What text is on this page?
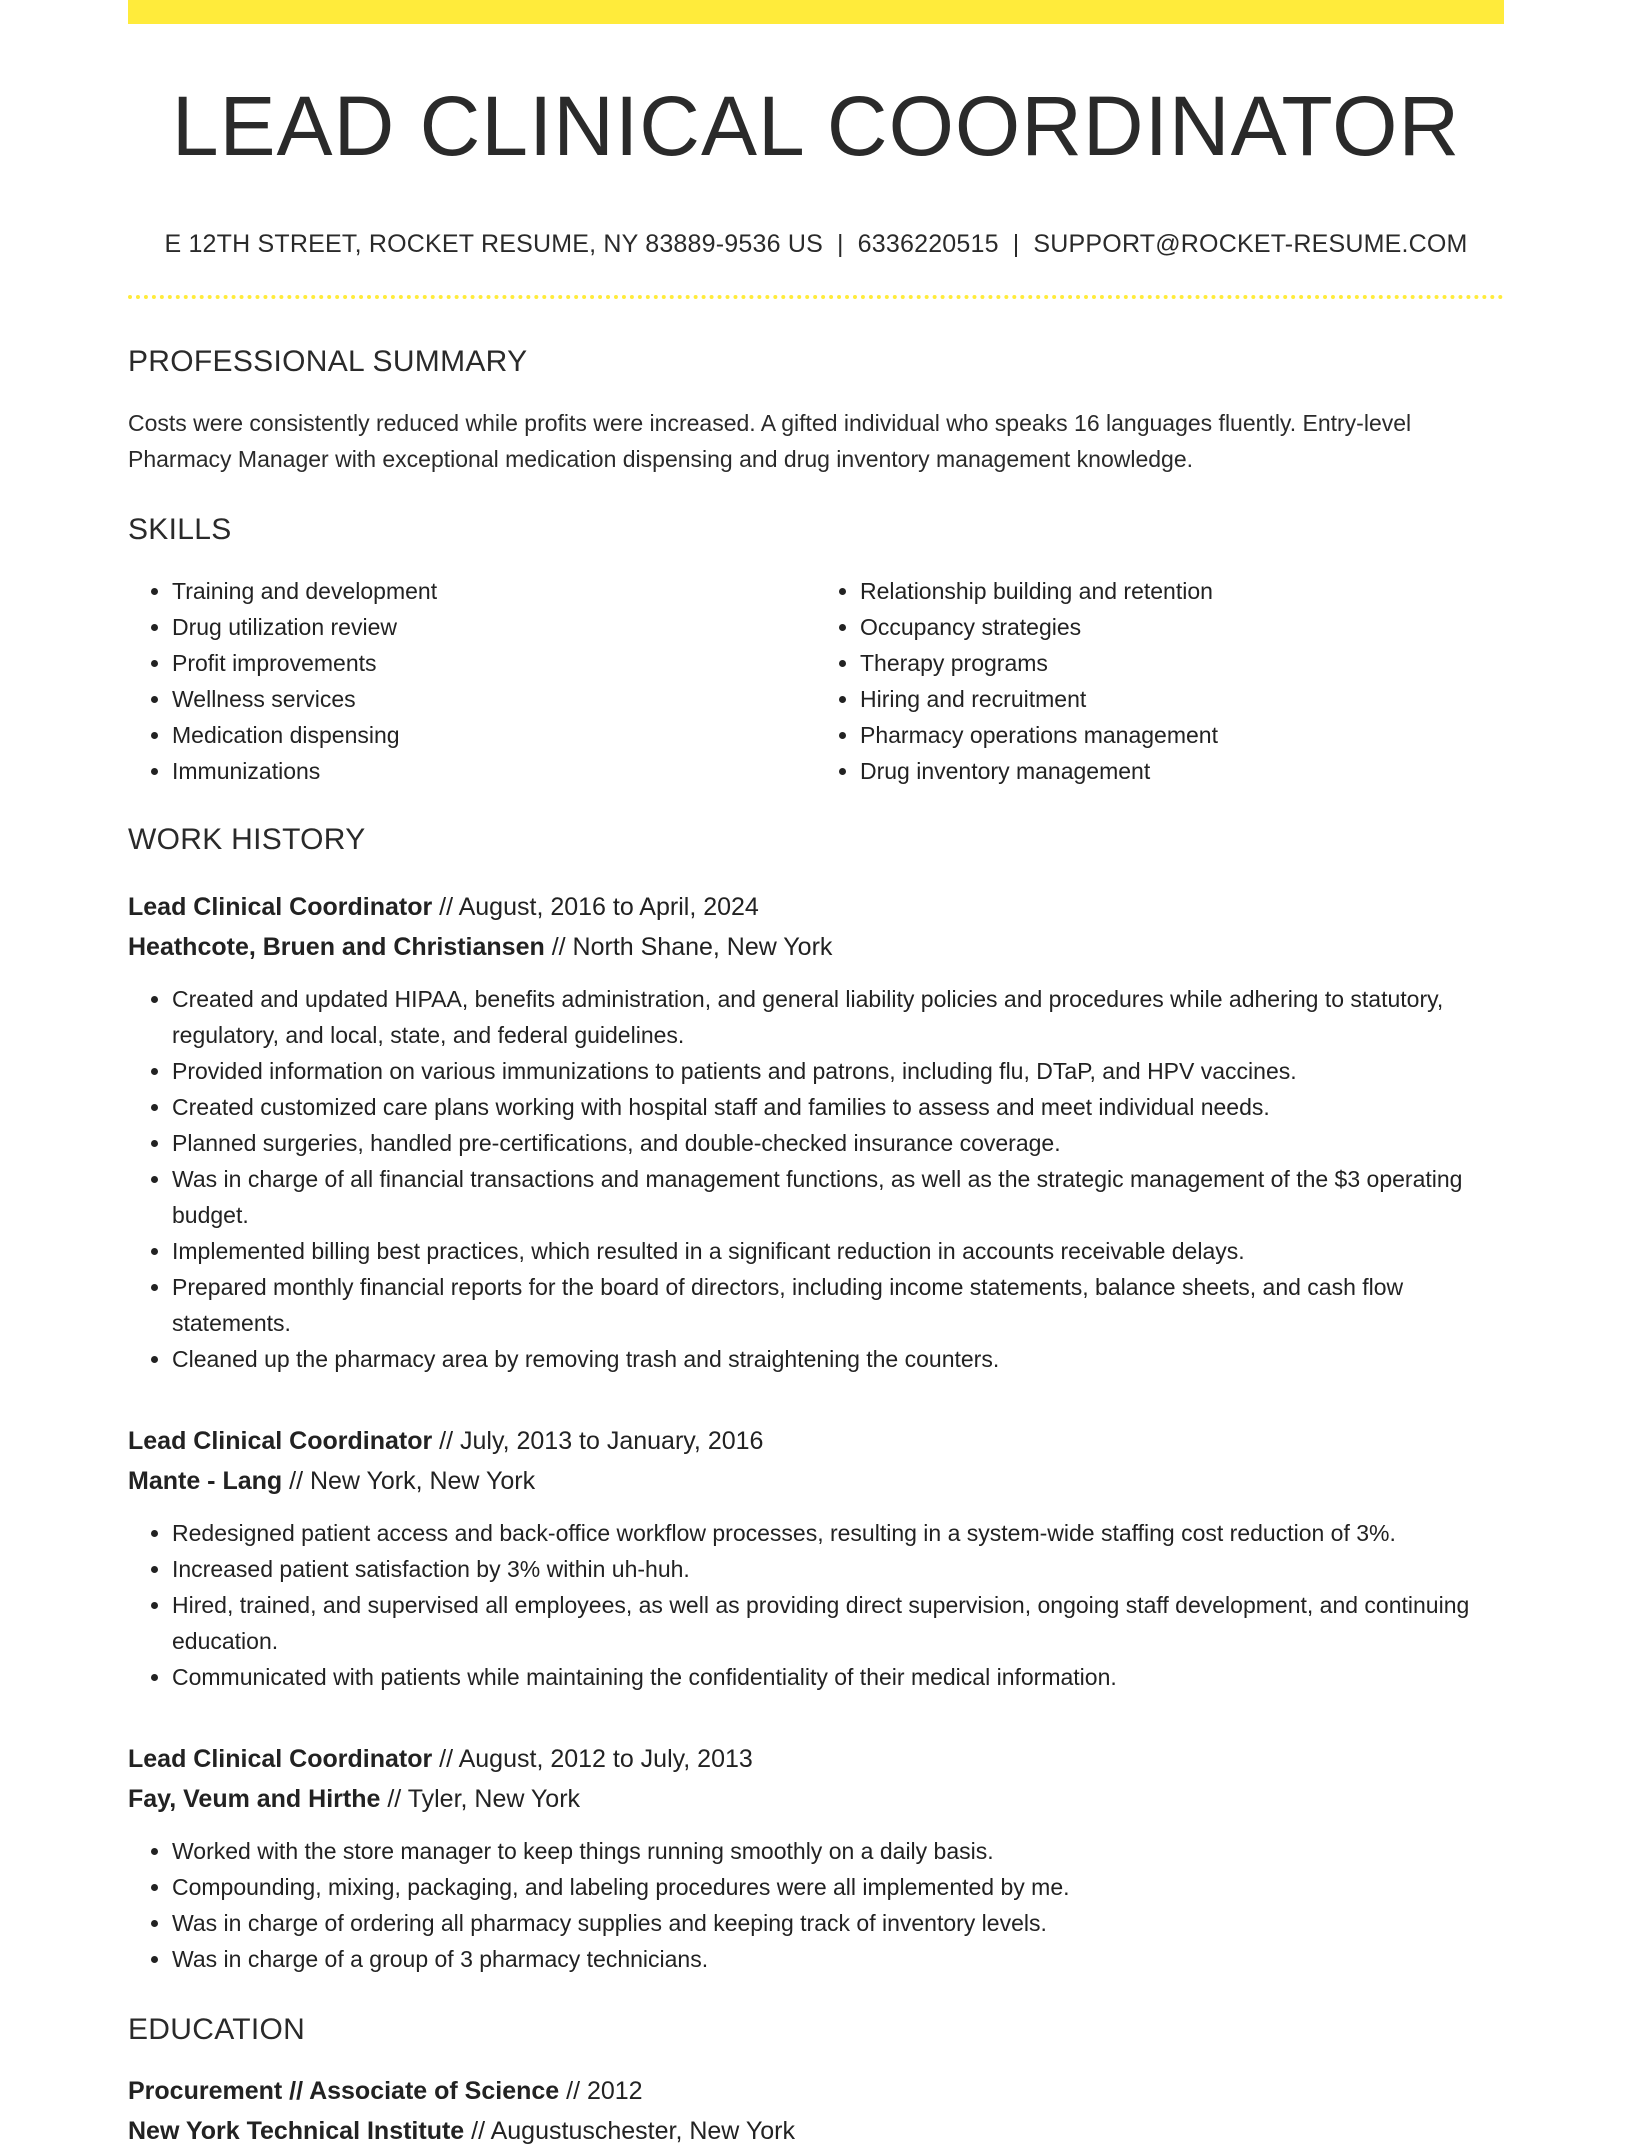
LEAD CLINICAL COORDINATOR
E 12TH STREET, ROCKET RESUME, NY 83889-9536 US | 6336220515 | SUPPORT@ROCKET-RESUME.COM
PROFESSIONAL SUMMARY
Costs were consistently reduced while profits were increased. A gifted individual who speaks 16 languages fluently. Entry-level Pharmacy Manager with exceptional medication dispensing and drug inventory management knowledge.
SKILLS
• Training and development
• Drug utilization review
• Profit improvements
• Wellness services
• Medication dispensing
• Immunizations
• Relationship building and retention
• Occupancy strategies
• Therapy programs
• Hiring and recruitment
• Pharmacy operations management
• Drug inventory management
WORK HISTORY
Lead Clinical Coordinator // August, 2016 to April, 2024
Heathcote, Bruen and Christiansen // North Shane, New York
• Created and updated HIPAA, benefits administration, and general liability policies and procedures while adhering to statutory, regulatory, and local, state, and federal guidelines.
• Provided information on various immunizations to patients and patrons, including flu, DTaP, and HPV vaccines.
• Created customized care plans working with hospital staff and families to assess and meet individual needs.
• Planned surgeries, handled pre-certifications, and double-checked insurance coverage.
• Was in charge of all financial transactions and management functions, as well as the strategic management of the $3 operating budget.
• Implemented billing best practices, which resulted in a significant reduction in accounts receivable delays.
• Prepared monthly financial reports for the board of directors, including income statements, balance sheets, and cash flow statements.
• Cleaned up the pharmacy area by removing trash and straightening the counters.
Lead Clinical Coordinator // July, 2013 to January, 2016
Mante - Lang // New York, New York
• Redesigned patient access and back-office workflow processes, resulting in a system-wide staffing cost reduction of 3%.
• Increased patient satisfaction by 3% within uh-huh.
• Hired, trained, and supervised all employees, as well as providing direct supervision, ongoing staff development, and continuing education.
• Communicated with patients while maintaining the confidentiality of their medical information.
Lead Clinical Coordinator // August, 2012 to July, 2013
Fay, Veum and Hirthe // Tyler, New York
• Worked with the store manager to keep things running smoothly on a daily basis.
• Compounding, mixing, packaging, and labeling procedures were all implemented by me.
• Was in charge of ordering all pharmacy supplies and keeping track of inventory levels.
• Was in charge of a group of 3 pharmacy technicians.
EDUCATION
Procurement // Associate of Science // 2012
New York Technical Institute // Augustuschester, New York
